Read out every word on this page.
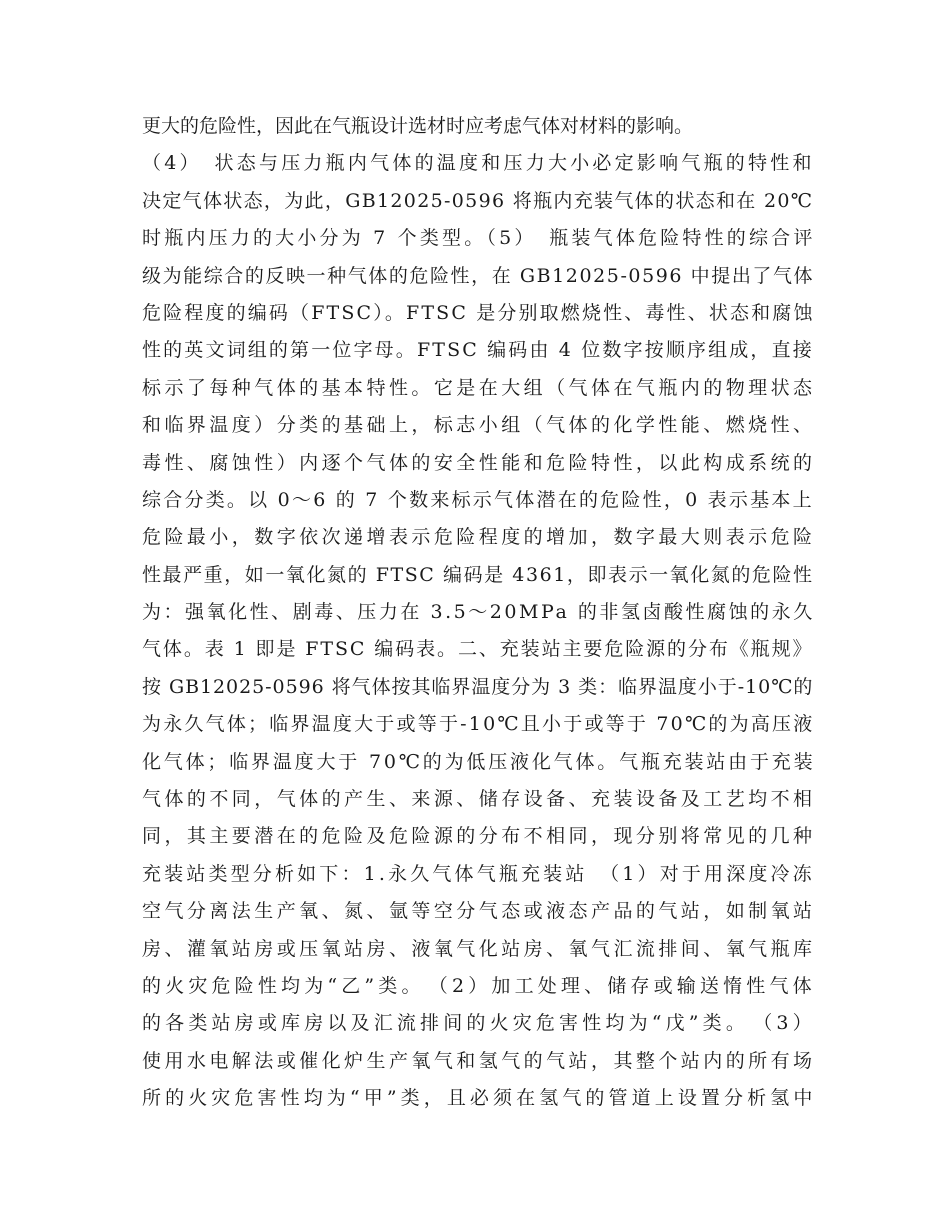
更大的危险性，因此在气瓶设计选材时应考虑气体对材料的影响。
（4）　状态与压力瓶内气体的温度和压力大小必定影响气瓶的特性和
决定气体状态，为此，GB12025-0596 将瓶内充装气体的状态和在 20℃
时瓶内压力的大小分为 7 个类型。（5）　瓶装气体危险特性的综合评
级为能综合的反映一种气体的危险性，在 GB12025-0596 中提出了气体
危险程度的编码（FTSC）。FTSC 是分别取燃烧性、毒性、状态和腐蚀
性的英文词组的第一位字母。FTSC 编码由 4 位数字按顺序组成，直接
标示了每种气体的基本特性。它是在大组（气体在气瓶内的物理状态
和临界温度）分类的基础上，标志小组（气体的化学性能、燃烧性、
毒性、腐蚀性）内逐个气体的安全性能和危险特性，以此构成系统的
综合分类。以 0～6 的 7 个数来标示气体潜在的危险性，0 表示基本上
危险最小，数字依次递增表示危险程度的增加，数字最大则表示危险
性最严重，如一氧化氮的 FTSC 编码是 4361，即表示一氧化氮的危险性
为：强氧化性、剧毒、压力在 3.5～20MPa 的非氢卤酸性腐蚀的永久
气体。表 1 即是 FTSC 编码表。二、充装站主要危险源的分布《瓶规》
按 GB12025-0596 将气体按其临界温度分为 3 类：临界温度小于-10℃的
为永久气体；临界温度大于或等于-10℃且小于或等于 70℃的为高压液
化气体；临界温度大于 70℃的为低压液化气体。气瓶充装站由于充装
气体的不同，气体的产生、来源、储存设备、充装设备及工艺均不相
同，其主要潜在的危险及危险源的分布不相同，现分别将常见的几种
充装站类型分析如下：1.永久气体气瓶充装站　（1）对于用深度冷冻
空气分离法生产氧、氮、氩等空分气态或液态产品的气站，如制氧站
房、灌氧站房或压氧站房、液氧气化站房、氧气汇流排间、氧气瓶库
的火灾危险性均为“乙”类。　（2）加工处理、储存或输送惰性气体
的各类站房或库房以及汇流排间的火灾危害性均为“戊”类。　（3）
使用水电解法或催化炉生产氧气和氢气的气站，其整个站内的所有场
所的火灾危害性均为“甲”类，且必须在氢气的管道上设置分析氢中
